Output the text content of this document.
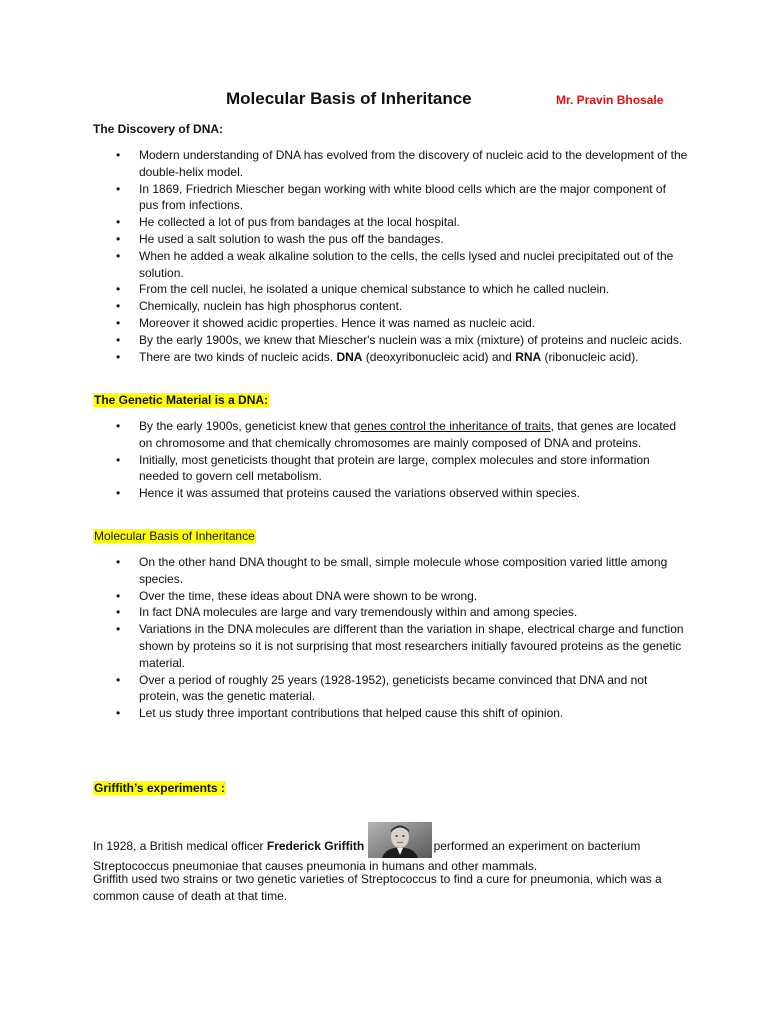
Molecular Basis of Inheritance	Mr. Pravin Bhosale
The Discovery of DNA:
• Modern understanding of DNA has evolved from the discovery of nucleic acid to the development of the double-helix model.
• In 1869, Friedrich Miescher began working with white blood cells which are the major component of pus from infections.
• He collected a lot of pus from bandages at the local hospital.
• He used a salt solution to wash the pus off the bandages.
• When he added a weak alkaline solution to the cells, the cells lysed and nuclei precipitated out of the solution.
• From the cell nuclei, he isolated a unique chemical substance to which he called nuclein.
• Chemically, nuclein has high phosphorus content.
• Moreover it showed acidic properties. Hence it was named as nucleic acid.
• By the early 1900s, we knew that Miescher's nuclein was a mix (mixture) of proteins and nucleic acids.
• There are two kinds of nucleic acids. DNA (deoxyribonucleic acid) and RNA (ribonucleic acid).
The Genetic Material is a DNA:
• By the early 1900s, geneticist knew that genes control the inheritance of traits, that genes are located on chromosome and that chemically chromosomes are mainly composed of DNA and proteins.
• Initially, most geneticists thought that protein are large, complex molecules and store information needed to govern cell metabolism.
• Hence it was assumed that proteins caused the variations observed within species.
Molecular Basis of Inheritance
• On the other hand DNA thought to be small, simple molecule whose composition varied little among species.
• Over the time, these ideas about DNA were shown to be wrong.
• In fact DNA molecules are large and vary tremendously within and among species.
• Variations in the DNA molecules are different than the variation in shape, electrical charge and function shown by proteins so it is not surprising that most researchers initially favoured proteins as the genetic material.
• Over a period of roughly 25 years (1928-1952), geneticists became convinced that DNA and not protein, was the genetic material.
• Let us study three important contributions that helped cause this shift of opinion.
Griffith’s experiments :
In 1928, a British medical officer Frederick Griffith	performed an experiment on bacterium Streptococcus pneumoniae that causes pneumonia in humans and other mammals.
Griffith used two strains or two genetic varieties of Streptococcus to find a cure for pneumonia, which was a common cause of death at that time.
